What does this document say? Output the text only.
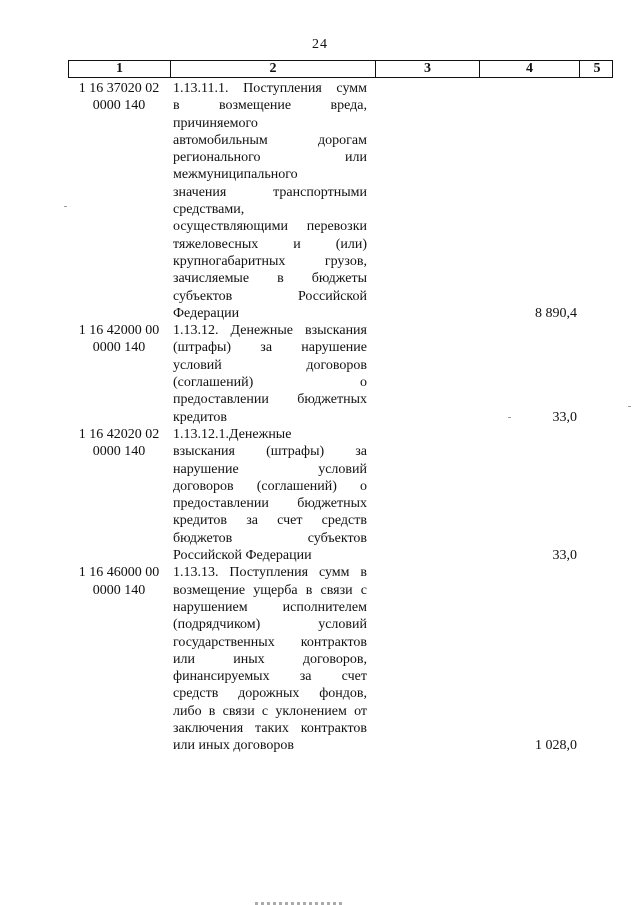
24
1	2	3	4	5
1 16 37020 02
0000 140
1.13.11.1. Поступления сумм
в возмещение вреда,
причиняемого
автомобильным дорогам
регионального или
межмуниципального
значения транспортными
средствами,
осуществляющими перевозки
тяжеловесных и (или)
крупногабаритных грузов,
зачисляемые в бюджеты
субъектов Российской
Федерации	8 890,4
1 16 42000 00
0000 140
1.13.12. Денежные взыскания
(штрафы) за нарушение
условий договоров
(соглашений) о
предоставлении бюджетных
кредитов	33,0
1 16 42020 02
0000 140
1.13.12.1.Денежные
взыскания (штрафы) за
нарушение условий
договоров (соглашений) о
предоставлении бюджетных
кредитов за счет средств
бюджетов субъектов
Российской Федерации	33,0
1 16 46000 00
0000 140
1.13.13. Поступления сумм в
возмещение ущерба в связи с
нарушением исполнителем
(подрядчиком) условий
государственных контрактов
или иных договоров,
финансируемых за счет
средств дорожных фондов,
либо в связи с уклонением от
заключения таких контрактов
или иных договоров	1 028,0
